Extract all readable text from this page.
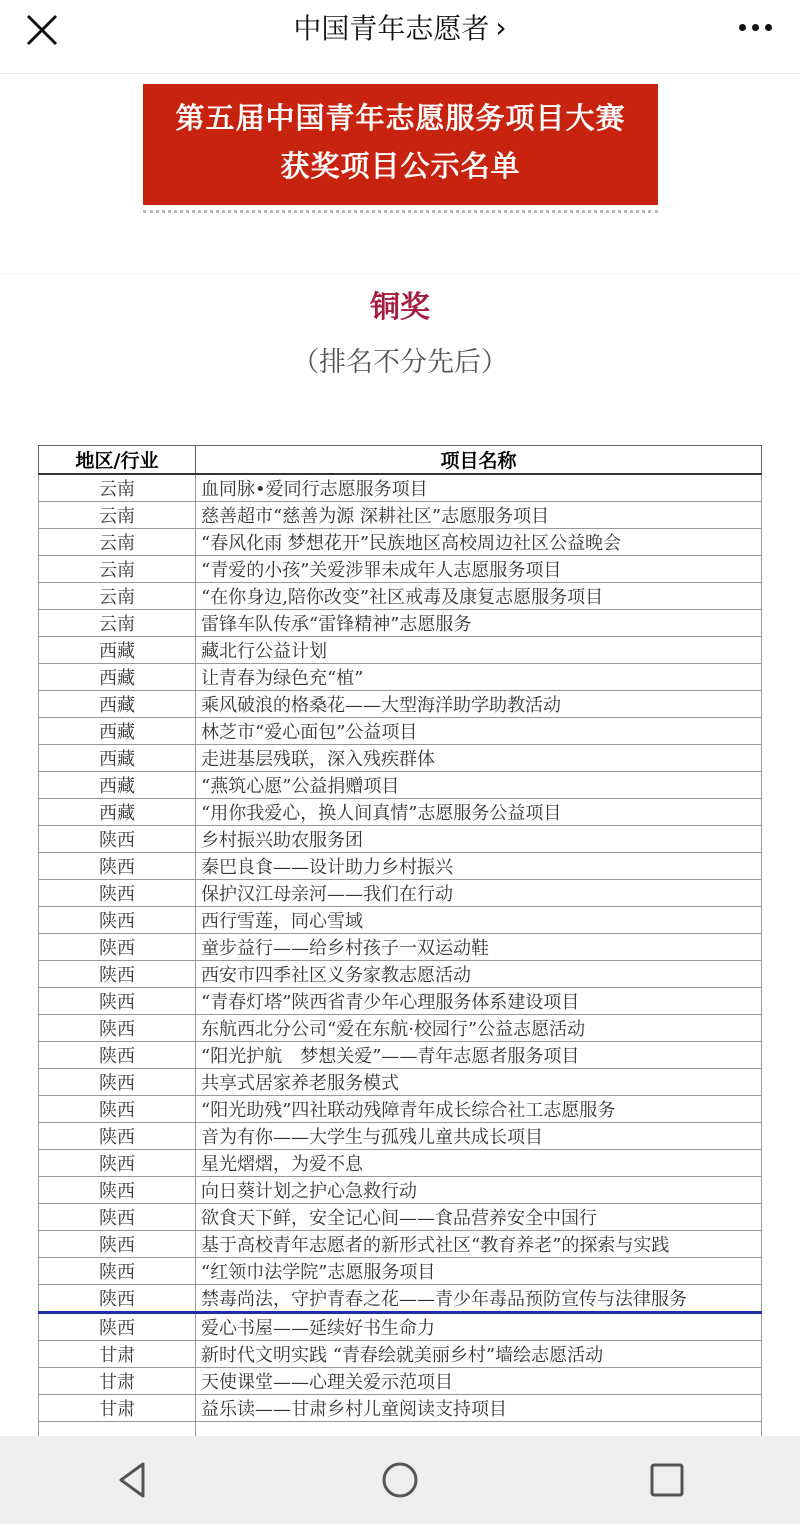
中国青年志愿者 ›
第五届中国青年志愿服务项目大赛
获奖项目公示名单
铜奖
（排名不分先后）
地区/行业	项目名称
云南	血同脉•爱同行志愿服务项目
云南	慈善超市“慈善为源 深耕社区”志愿服务项目
云南	“春风化雨 梦想花开”民族地区高校周边社区公益晚会
云南	“青爱的小孩”关爱涉罪未成年人志愿服务项目
云南	“在你身边,陪你改变”社区戒毒及康复志愿服务项目
云南	雷锋车队传承“雷锋精神”志愿服务
西藏	藏北行公益计划
西藏	让青春为绿色充“植”
西藏	乘风破浪的格桑花——大型海洋助学助教活动
西藏	林芝市“爱心面包”公益项目
西藏	走进基层残联，深入残疾群体
西藏	“燕筑心愿”公益捐赠项目
西藏	“用你我爱心，换人间真情”志愿服务公益项目
陕西	乡村振兴助农服务团
陕西	秦巴良食——设计助力乡村振兴
陕西	保护汉江母亲河——我们在行动
陕西	西行雪莲，同心雪域
陕西	童步益行——给乡村孩子一双运动鞋
陕西	西安市四季社区义务家教志愿活动
陕西	“青春灯塔”陕西省青少年心理服务体系建设项目
陕西	东航西北分公司“爱在东航·校园行”公益志愿活动
陕西	“阳光护航　梦想关爱”——青年志愿者服务项目
陕西	共享式居家养老服务模式
陕西	“阳光助残”四社联动残障青年成长综合社工志愿服务
陕西	音为有你——大学生与孤残儿童共成长项目
陕西	星光熠熠，为爱不息
陕西	向日葵计划之护心急救行动
陕西	欲食天下鲜，安全记心间——食品营养安全中国行
陕西	基于高校青年志愿者的新形式社区“教育养老”的探索与实践
陕西	“红领巾法学院”志愿服务项目
陕西	禁毒尚法，守护青春之花——青少年毒品预防宣传与法律服务
陕西	爱心书屋——延续好书生命力
甘肃	新时代文明实践 “青春绘就美丽乡村”墙绘志愿活动
甘肃	天使课堂——心理关爱示范项目
甘肃	益乐读——甘肃乡村儿童阅读支持项目
